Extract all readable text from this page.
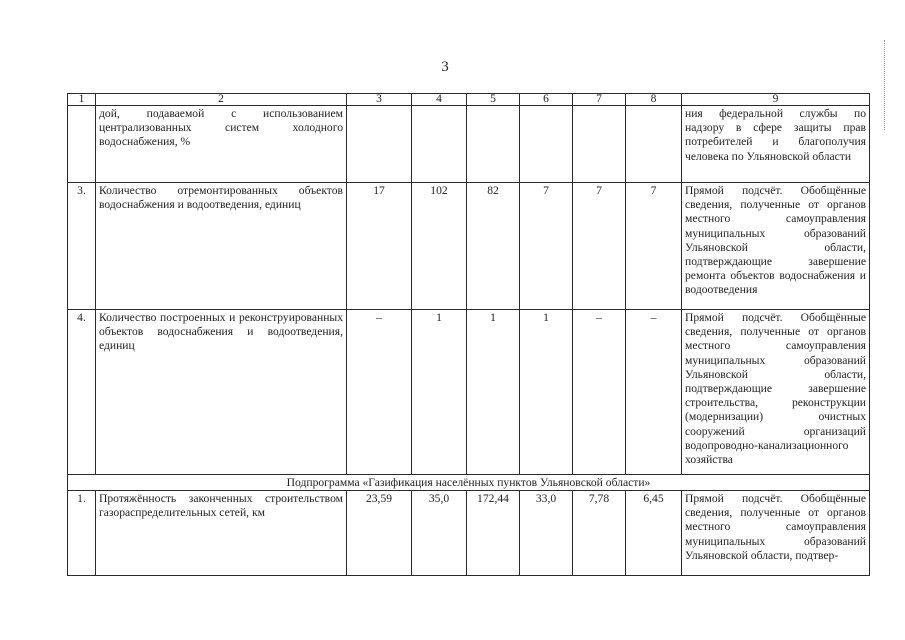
3
1	2	3	4	5	6	7	8	9
	дой, подаваемой с использованием централизованных систем холодного водоснабжения, %							ния федеральной службы по надзору в сфере защиты прав потребителей и благополучия человека по Ульяновской области
3.	Количество отремонтированных объектов водоснабжения и водоотведения, единиц	17	102	82	7	7	7	Прямой подсчёт. Обобщённые сведения, полученные от органов местного самоуправления муниципальных образований Ульяновской области, подтверждающие завершение ремонта объектов водоснабжения и водоотведения
4.	Количество построенных и реконструированных объектов водоснабжения и водоотведения, единиц	–	1	1	1	–	–	Прямой подсчёт. Обобщённые сведения, полученные от органов местного самоуправления муниципальных образований Ульяновской области, подтверждающие завершение строительства, реконструкции (модернизации) очистных сооружений организаций водопроводно-канализационного хозяйства
Подпрограмма «Газификация населённых пунктов Ульяновской области»								
1.	Протяжённость законченных строительством газораспределительных сетей, км	23,59	35,0	172,44	33,0	7,78	6,45	Прямой подсчёт. Обобщённые сведения, полученные от органов местного самоуправления муниципальных образований Ульяновской области, подтвер-
